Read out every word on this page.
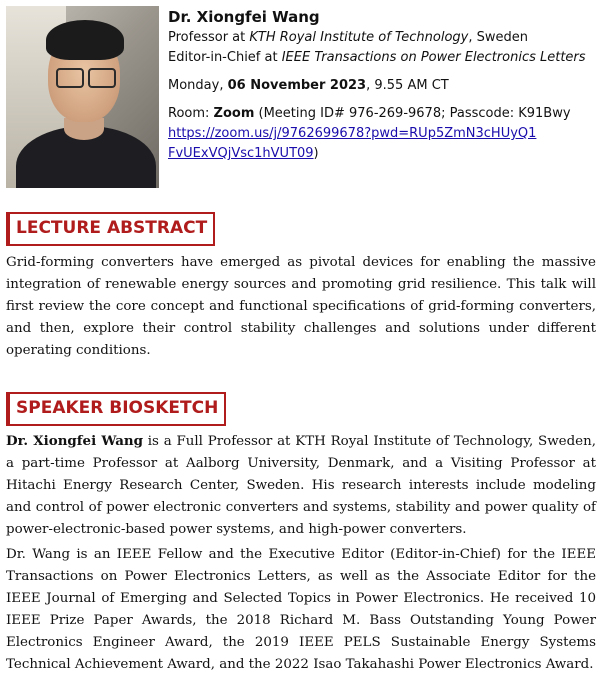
Dr. Xiongfei Wang
Professor at KTH Royal Institute of Technology, Sweden
Editor-in-Chief at IEEE Transactions on Power Electronics Letters
Monday, 06 November 2023, 9.55 AM CT
Room: Zoom (Meeting ID# 976-269-9678; Passcode: K91Bwy
https://zoom.us/j/9762699678?pwd=RUp5ZmN3cHUyQ1
FvUExVQjVsc1hVUT09)
LECTURE ABSTRACT

Grid-forming converters have emerged as pivotal devices for enabling the massive integration of renewable energy sources and promoting grid resilience. This talk will first review the core concept and functional specifications of grid-forming converters, and then, explore their control stability challenges and solutions under different operating conditions.

SPEAKER BIOSKETCH

Dr. Xiongfei Wang is a Full Professor at KTH Royal Institute of Technology, Sweden, a part-time Professor at Aalborg University, Denmark, and a Visiting Professor at Hitachi Energy Research Center, Sweden. His research interests include modeling and control of power electronic converters and systems, stability and power quality of power-electronic-based power systems, and high-power converters.

Dr. Wang is an IEEE Fellow and the Executive Editor (Editor-in-Chief) for the IEEE Transactions on Power Electronics Letters, as well as the Associate Editor for the IEEE Journal of Emerging and Selected Topics in Power Electronics. He received 10 IEEE Prize Paper Awards, the 2018 Richard M. Bass Outstanding Young Power Electronics Engineer Award, the 2019 IEEE PELS Sustainable Energy Systems Technical Achievement Award, and the 2022 Isao Takahashi Power Electronics Award.
